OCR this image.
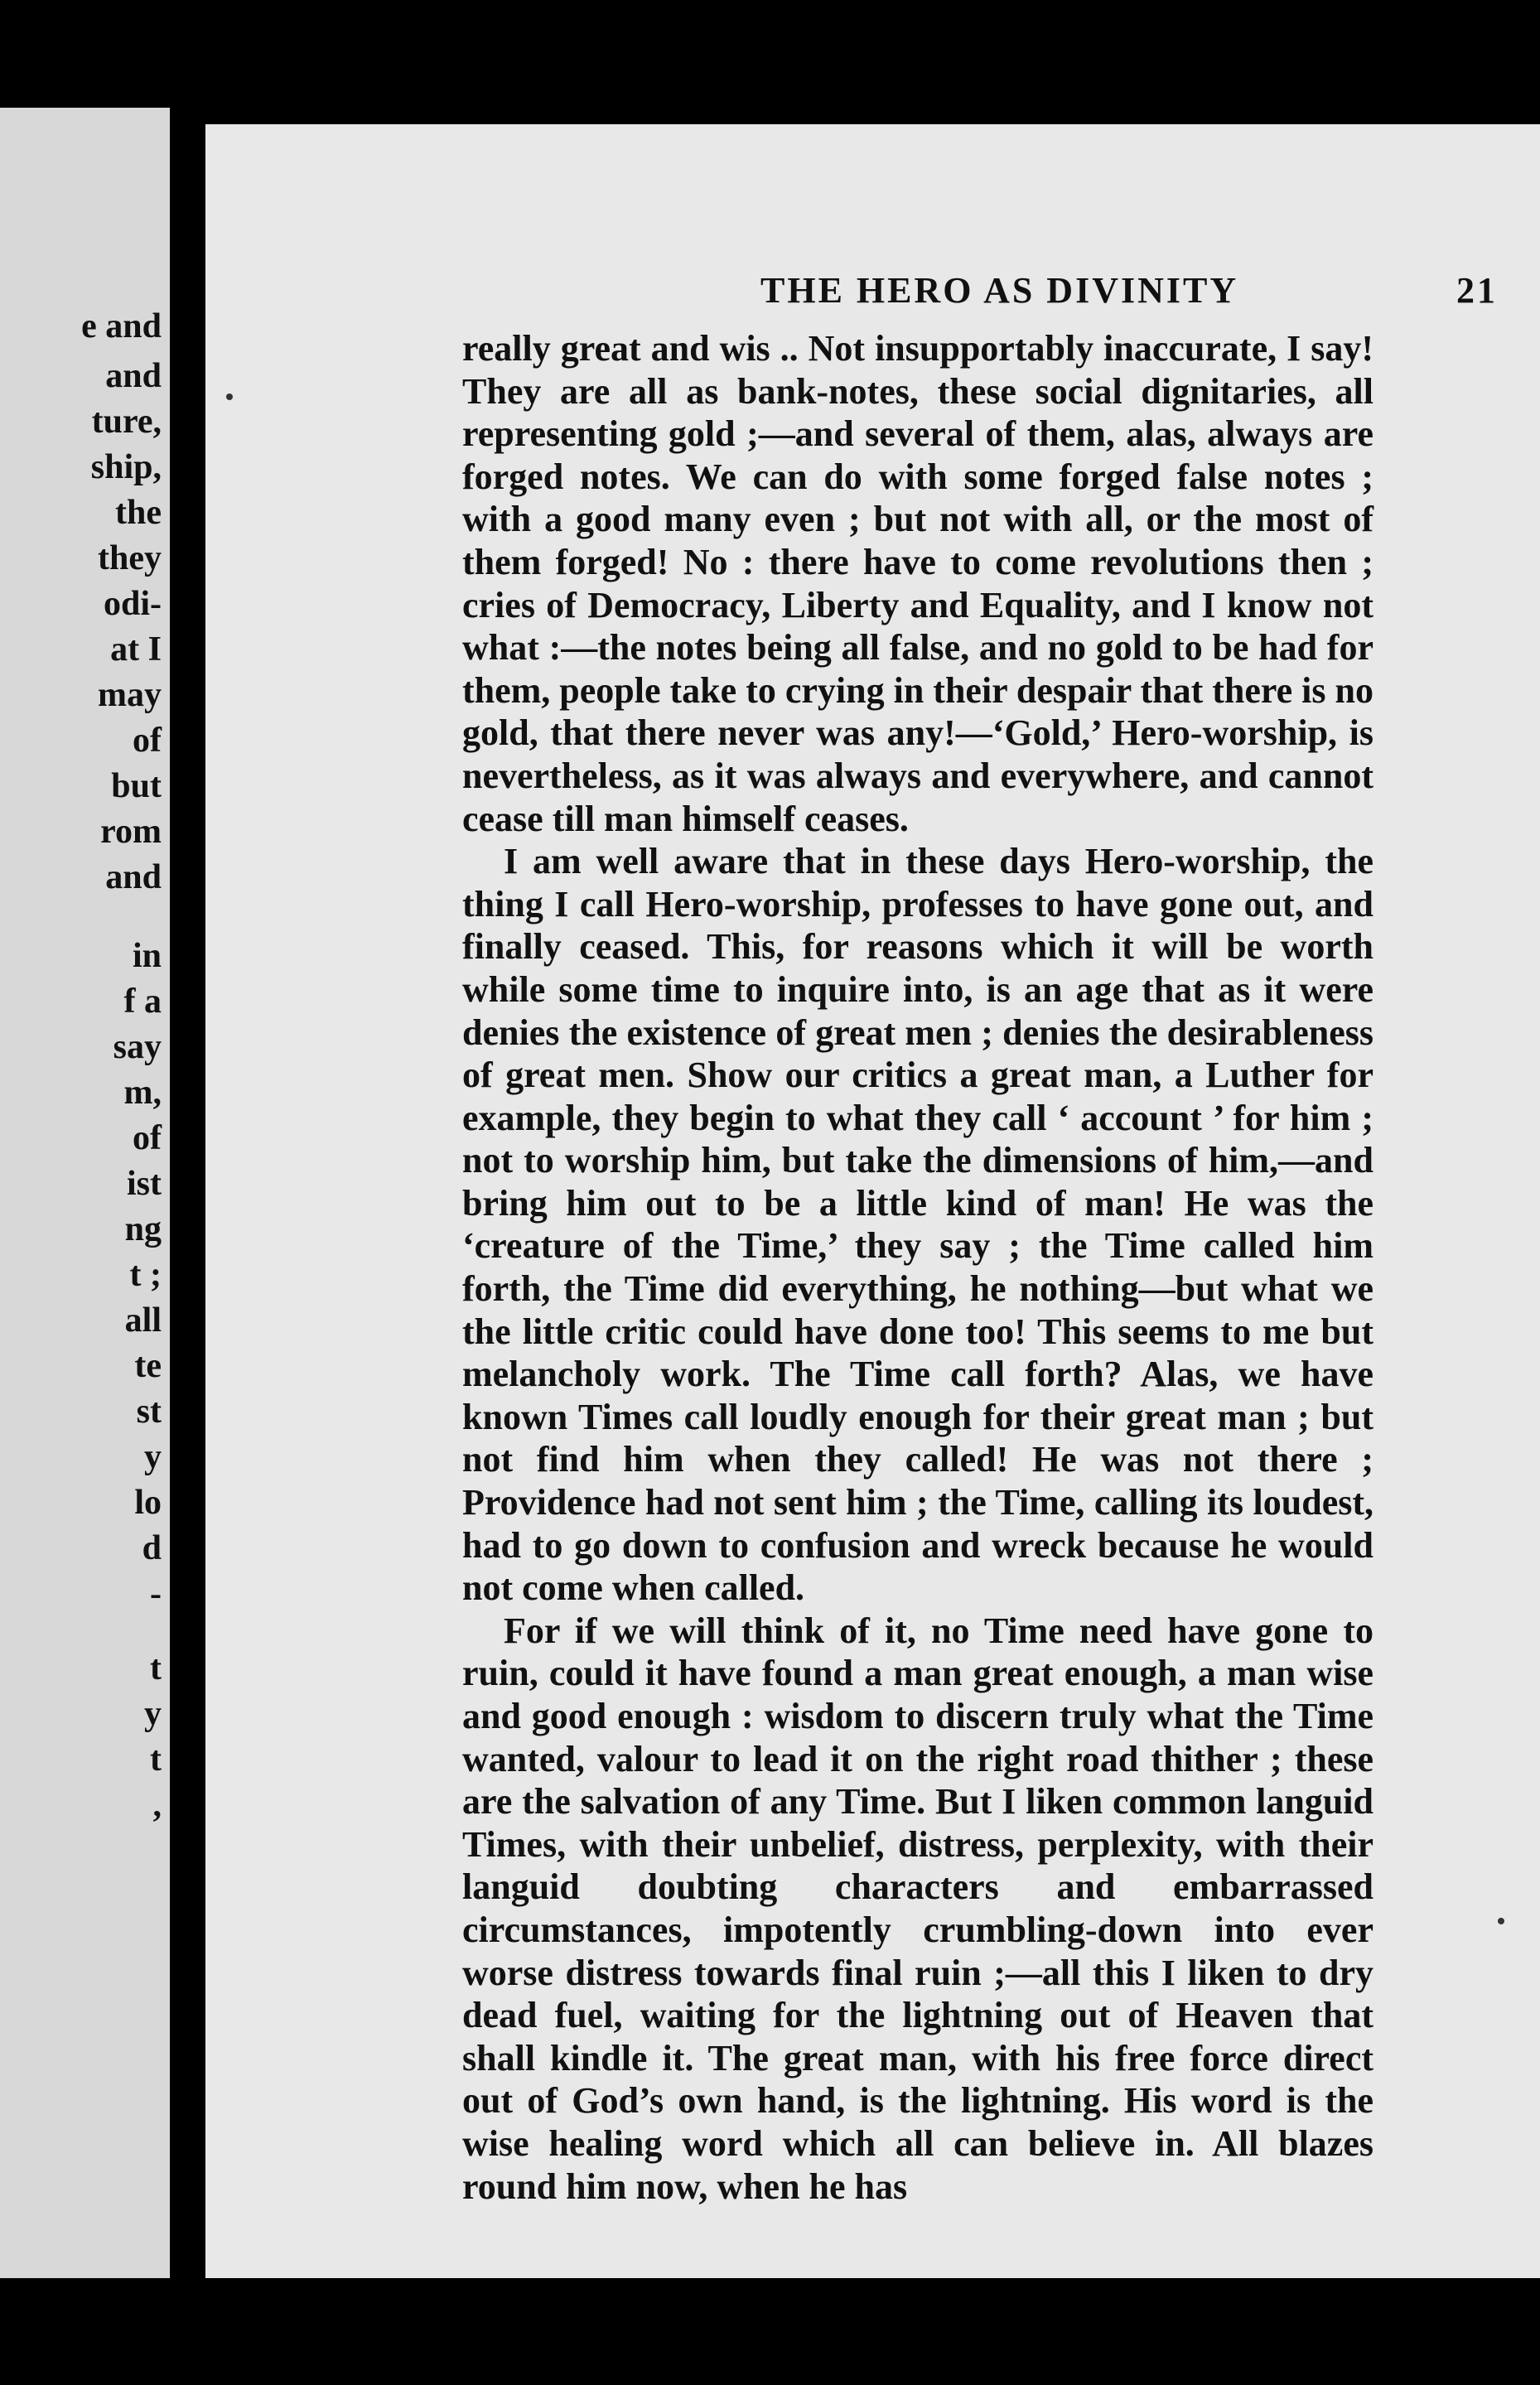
e and
and
ture,
ship,
the
they
odi-
at I
may
of
but
rom
and
in
f a
say
m,
of
ist
ng
t ;
all
te
st
y
lo
d
-
t
y
t
,
THE HERO AS DIVINITY	21

really great and wis .. Not insupportably inaccurate, I say! They are all as bank-notes, these social dignitaries, all representing gold ;—and several of them, alas, always are forged notes. We can do with some forged false notes ; with a good many even ; but not with all, or the most of them forged! No : there have to come revolutions then ; cries of Democracy, Liberty and Equality, and I know not what :—the notes being all false, and no gold to be had for them, people take to crying in their despair that there is no gold, that there never was any!—‘Gold,’ Hero-worship, is nevertheless, as it was always and everywhere, and cannot cease till man himself ceases.

I am well aware that in these days Hero-worship, the thing I call Hero-worship, professes to have gone out, and finally ceased. This, for reasons which it will be worth while some time to inquire into, is an age that as it were denies the existence of great men ; denies the desirableness of great men. Show our critics a great man, a Luther for example, they begin to what they call ‘ account ’ for him ; not to worship him, but take the dimensions of him,—and bring him out to be a little kind of man! He was the ‘creature of the Time,’ they say ; the Time called him forth, the Time did everything, he nothing—but what we the little critic could have done too! This seems to me but melancholy work. The Time call forth? Alas, we have known Times call loudly enough for their great man ; but not find him when they called! He was not there ; Providence had not sent him ; the Time, calling its loudest, had to go down to confusion and wreck because he would not come when called.

For if we will think of it, no Time need have gone to ruin, could it have found a man great enough, a man wise and good enough : wisdom to discern truly what the Time wanted, valour to lead it on the right road thither ; these are the salvation of any Time. But I liken common languid Times, with their unbelief, distress, perplexity, with their languid doubting characters and embarrassed circumstances, impotently crumbling-down into ever worse distress towards final ruin ;—all this I liken to dry dead fuel, waiting for the lightning out of Heaven that shall kindle it. The great man, with his free force direct out of God’s own hand, is the lightning. His word is the wise healing word which all can believe in. All blazes round him now, when he has
